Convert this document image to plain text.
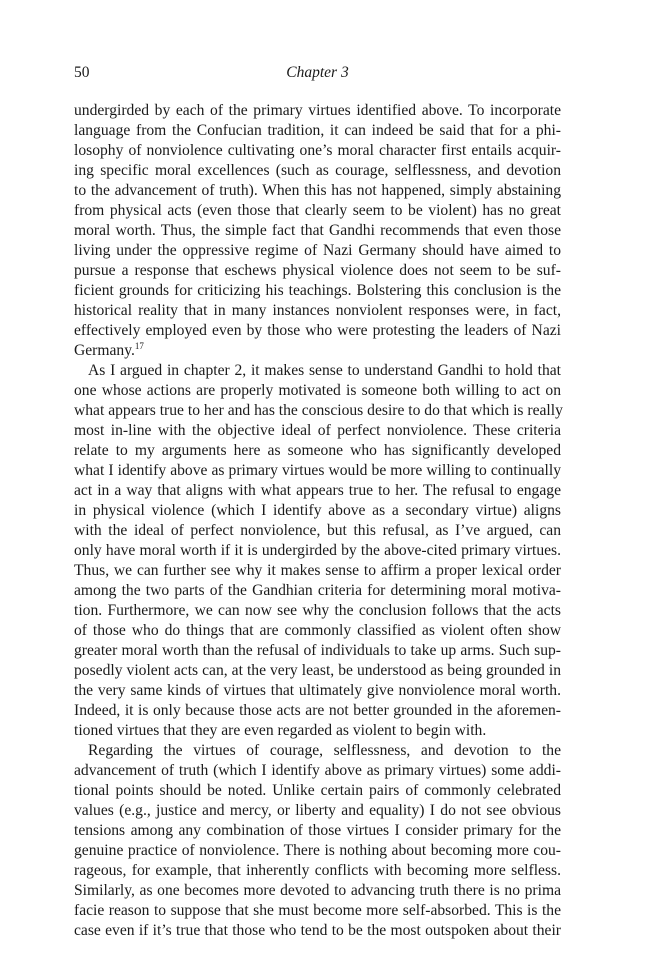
50	Chapter 3
undergirded by each of the primary virtues identified above. To incorporate
language from the Confucian tradition, it can indeed be said that for a phi-
losophy of nonviolence cultivating one’s moral character first entails acquir-
ing specific moral excellences (such as courage, selflessness, and devotion
to the advancement of truth). When this has not happened, simply abstaining
from physical acts (even those that clearly seem to be violent) has no great
moral worth. Thus, the simple fact that Gandhi recommends that even those
living under the oppressive regime of Nazi Germany should have aimed to
pursue a response that eschews physical violence does not seem to be suf-
ficient grounds for criticizing his teachings. Bolstering this conclusion is the
historical reality that in many instances nonviolent responses were, in fact,
effectively employed even by those who were protesting the leaders of Nazi
Germany.$^{17}$
As I argued in chapter 2, it makes sense to understand Gandhi to hold that
one whose actions are properly motivated is someone both willing to act on
what appears true to her and has the conscious desire to do that which is really
most in-line with the objective ideal of perfect nonviolence. These criteria
relate to my arguments here as someone who has significantly developed
what I identify above as primary virtues would be more willing to continually
act in a way that aligns with what appears true to her. The refusal to engage
in physical violence (which I identify above as a secondary virtue) aligns
with the ideal of perfect nonviolence, but this refusal, as I’ve argued, can
only have moral worth if it is undergirded by the above-cited primary virtues.
Thus, we can further see why it makes sense to affirm a proper lexical order
among the two parts of the Gandhian criteria for determining moral motiva-
tion. Furthermore, we can now see why the conclusion follows that the acts
of those who do things that are commonly classified as violent often show
greater moral worth than the refusal of individuals to take up arms. Such sup-
posedly violent acts can, at the very least, be understood as being grounded in
the very same kinds of virtues that ultimately give nonviolence moral worth.
Indeed, it is only because those acts are not better grounded in the aforemen-
tioned virtues that they are even regarded as violent to begin with.
Regarding the virtues of courage, selflessness, and devotion to the
advancement of truth (which I identify above as primary virtues) some addi-
tional points should be noted. Unlike certain pairs of commonly celebrated
values (e.g., justice and mercy, or liberty and equality) I do not see obvious
tensions among any combination of those virtues I consider primary for the
genuine practice of nonviolence. There is nothing about becoming more cou-
rageous, for example, that inherently conflicts with becoming more selfless.
Similarly, as one becomes more devoted to advancing truth there is no prima
facie reason to suppose that she must become more self-absorbed. This is the
case even if it’s true that those who tend to be the most outspoken about their
